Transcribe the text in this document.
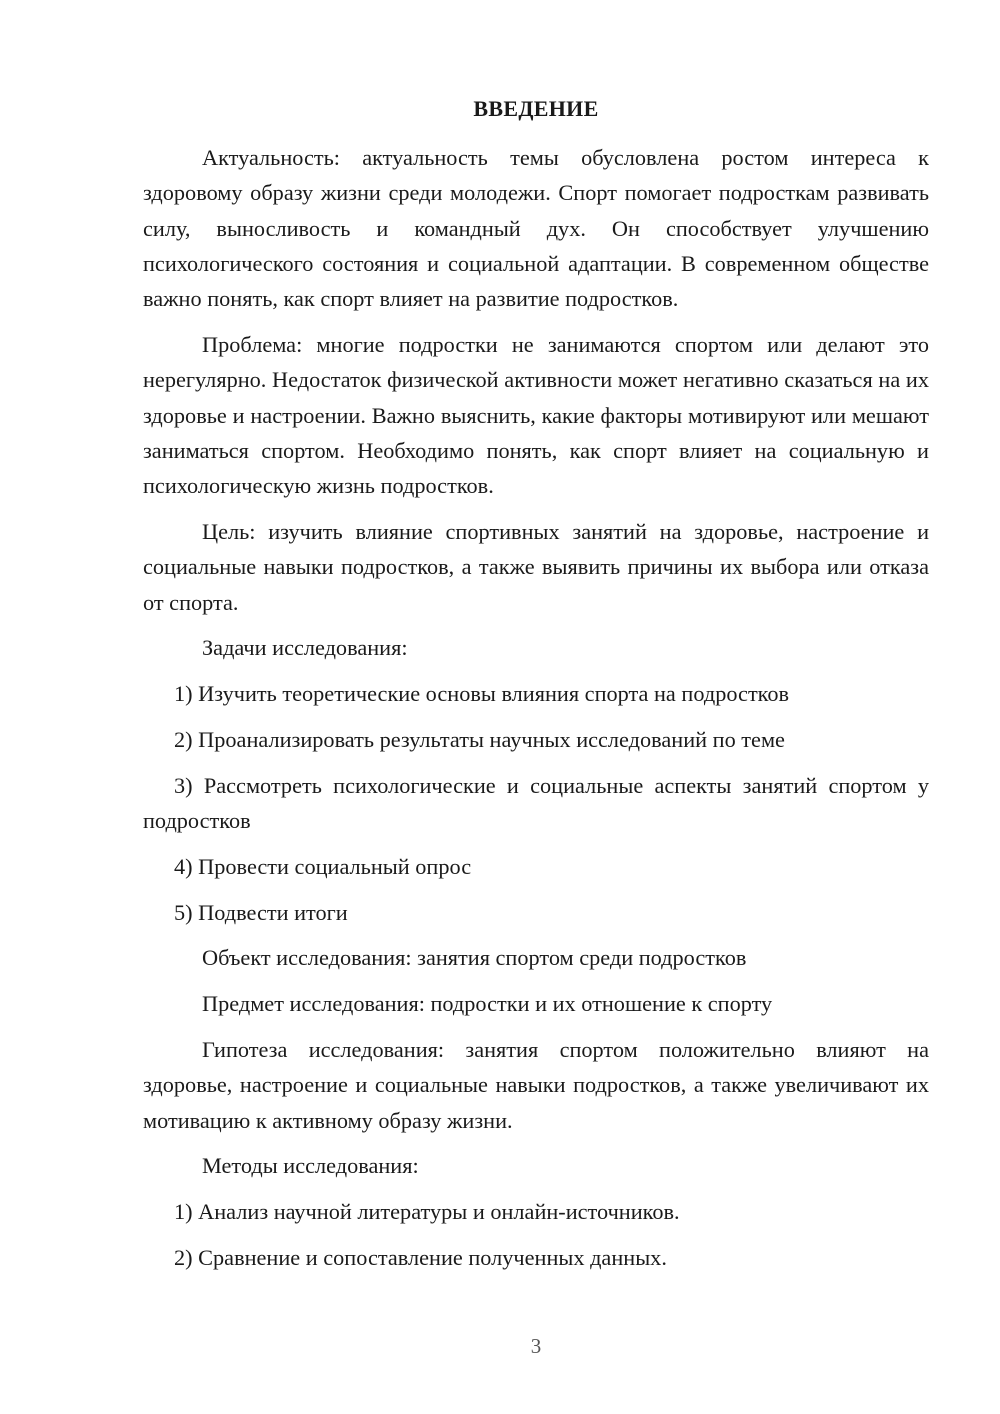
ВВЕДЕНИЕ

Актуальность: актуальность темы обусловлена ростом интереса к здоровому образу жизни среди молодежи. Спорт помогает подросткам развивать силу, выносливость и командный дух. Он способствует улучшению психологического состояния и социальной адаптации. В современном обществе важно понять, как спорт влияет на развитие подростков.

Проблема: многие подростки не занимаются спортом или делают это нерегулярно. Недостаток физической активности может негативно сказаться на их здоровье и настроении. Важно выяснить, какие факторы мотивируют или мешают заниматься спортом. Необходимо понять, как спорт влияет на социальную и психологическую жизнь подростков.

Цель: изучить влияние спортивных занятий на здоровье, настроение и социальные навыки подростков, а также выявить причины их выбора или отказа от спорта.

Задачи исследования:

1) Изучить теоретические основы влияния спорта на подростков

2) Проанализировать результаты научных исследований по теме

3) Рассмотреть психологические и социальные аспекты занятий спортом у подростков

4) Провести социальный опрос

5) Подвести итоги

Объект исследования: занятия спортом среди подростков

Предмет исследования: подростки и их отношение к спорту

Гипотеза исследования: занятия спортом положительно влияют на здоровье, настроение и социальные навыки подростков, а также увеличивают их мотивацию к активному образу жизни.

Методы исследования:

1) Анализ научной литературы и онлайн-источников.

2) Сравнение и сопоставление полученных данных.

3
